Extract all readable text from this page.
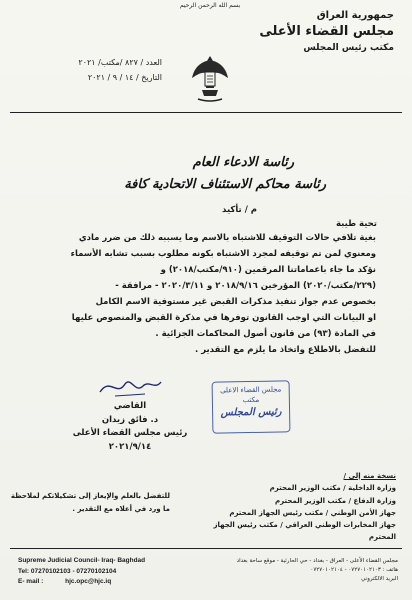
بسم الله الرحمن الرحيم
جمهورية العراق
مجلس القضاء الأعلى
مكتب رئيس المجلس
العدد / ٨٢٧ /مكتب/ ٢٠٢١
التاريخ / ١٤ / ٩ / ٢٠٢١
رئاسة الادعاء العام
رئاسة محاكم الاستئناف الاتحادية كافة
م / تأكيد
تحية طيبة
بغية تلافي حالات التوقيف للاشتباه بالاسم وما يسببه ذلك من ضرر مادي
ومعنوي لمن تم توقيفه لمجرد الاشتباه بكونه مطلوب بسبب تشابه الأسماء
نؤكد ما جاء باعماماتنا المرقمين (٩١٠/مكتب/٢٠١٨) و
(٢٢٩/مكتب/٢٠٢٠) المؤرخين ٢٠١٨/٩/١٦ و ٢٠٢٠/٣/١١ - مرافقة -
بخصوص عدم جواز تنفيذ مذكرات القبض غير مستوفية الاسم الكامل
او البيانات التي اوجب القانون توفرها في مذكرة القبض والمنصوص عليها
في المادة (٩٣) من قانون أصول المحاكمات الجزائية .
للتفضل بالاطلاع واتخاذ ما يلزم مع التقدير .
مجلس القضاء الاعلى
مكتب
رئيس المجلس
القاضي
د. فائق زيدان
رئيس مجلس القضاء الأعلى
٢٠٢١/٩/١٤
نسخة منه إلى /
وزارة الداخلية / مكتب الوزير المحترم
وزارة الدفاع / مكتب الوزير المحترم
جهاز الأمن الوطني / مكتب رئيس الجهاز المحترم
جهاز المخابرات الوطني العراقي / مكتب رئيس الجهاز المحترم
للتفضل بالعلم والإيعاز إلى تشكيلاتكم لملاحظة
ما ورد في أعلاه مع التقدير .
Supreme Judicial Council- Iraq- Baghdad
Tel: 07270102103 - 07270102104
E- mail :	hjc.opc@hjc.iq
مجلس القضاء الأعلى - العراق - بغداد - حي الحارثية - موقع ساحة بغداد
هاتف : ٠٧٢٧٠١٠٢١٠٣ - ٠٧٢٧٠١٠٢١٠٤
البريد الالكتروني
